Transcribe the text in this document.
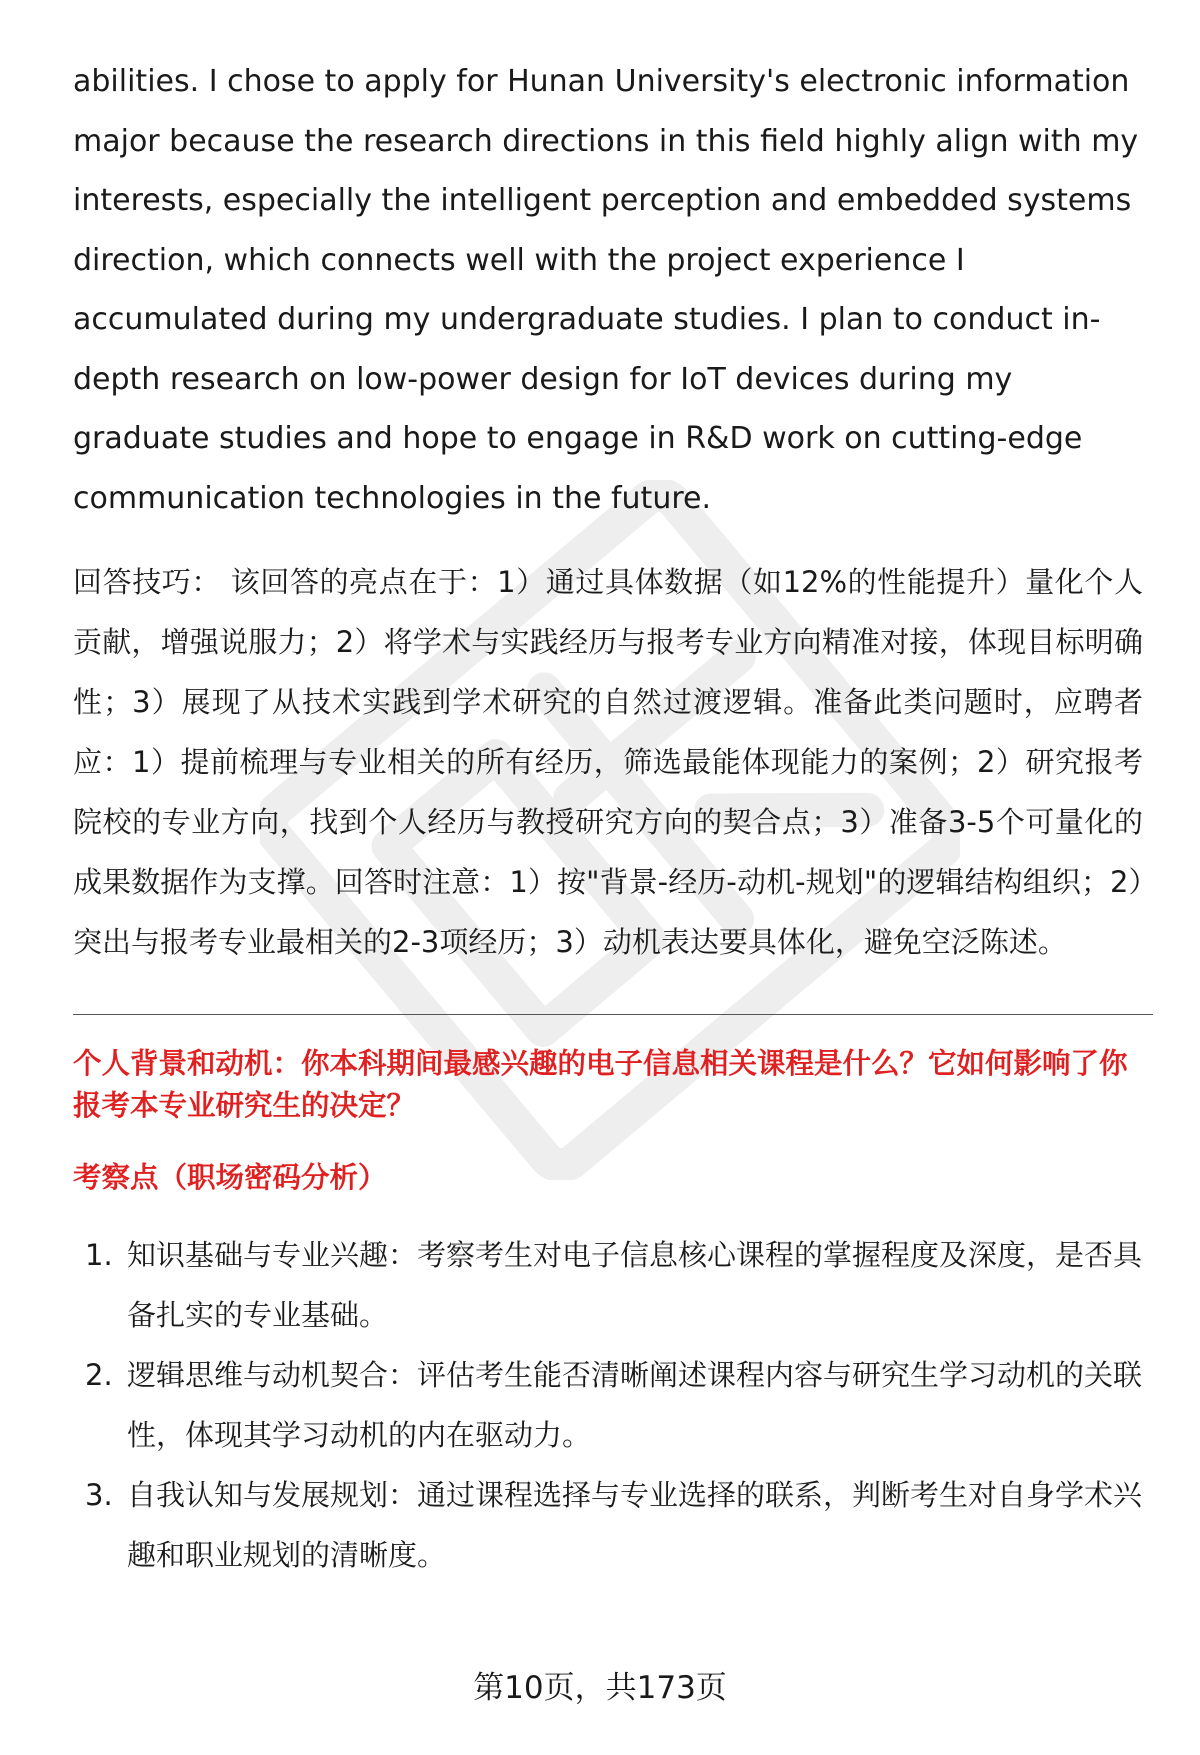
abilities. I chose to apply for Hunan University's electronic information major because the research directions in this field highly align with my interests, especially the intelligent perception and embedded systems direction, which connects well with the project experience I accumulated during my undergraduate studies. I plan to conduct in-depth research on low-power design for IoT devices during my graduate studies and hope to engage in R&D work on cutting-edge communication technologies in the future.

回答技巧： 该回答的亮点在于：1）通过具体数据（如12%的性能提升）量化个人贡献，增强说服力；2）将学术与实践经历与报考专业方向精准对接，体现目标明确性；3）展现了从技术实践到学术研究的自然过渡逻辑。准备此类问题时，应聘者应：1）提前梳理与专业相关的所有经历，筛选最能体现能力的案例；2）研究报考院校的专业方向，找到个人经历与教授研究方向的契合点；3）准备3-5个可量化的成果数据作为支撑。回答时注意：1）按"背景-经历-动机-规划"的逻辑结构组织；2）突出与报考专业最相关的2-3项经历；3）动机表达要具体化，避免空泛陈述。

个人背景和动机：你本科期间最感兴趣的电子信息相关课程是什么？它如何影响了你报考本专业研究生的决定？

考察点（职场密码分析）

1. 知识基础与专业兴趣：考察考生对电子信息核心课程的掌握程度及深度，是否具备扎实的专业基础。
2. 逻辑思维与动机契合：评估考生能否清晰阐述课程内容与研究生学习动机的关联性，体现其学习动机的内在驱动力。
3. 自我认知与发展规划：通过课程选择与专业选择的联系，判断考生对自身学术兴趣和职业规划的清晰度。
第10页，共173页
